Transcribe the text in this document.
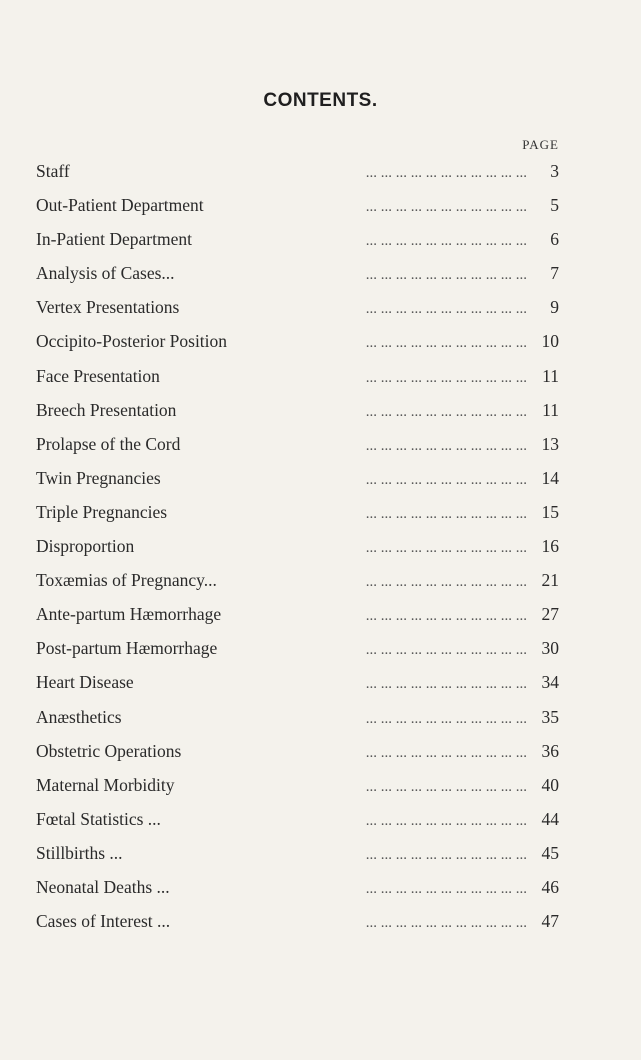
CONTENTS.
PAGE
Staff	... ... ... ... ... ... ... ... ... ... ...	3
Out-Patient Department	... ... ... ... ... ... ... ... ... ... ...	5
In-Patient Department	... ... ... ... ... ... ... ... ... ... ...	6
Analysis of Cases...	... ... ... ... ... ... ... ... ... ... ...	7
Vertex Presentations	... ... ... ... ... ... ... ... ... ... ...	9
Occipito-Posterior Position	... ... ... ... ... ... ... ... ... ... ... 10
Face Presentation	... ... ... ... ... ... ... ... ... ... ... 11
Breech Presentation	... ... ... ... ... ... ... ... ... ... ... 11
Prolapse of the Cord	... ... ... ... ... ... ... ... ... ... ... 13
Twin Pregnancies	... ... ... ... ... ... ... ... ... ... ... 14
Triple Pregnancies	... ... ... ... ... ... ... ... ... ... ... 15
Disproportion	... ... ... ... ... ... ... ... ... ... ... 16
Toxæmias of Pregnancy...	... ... ... ... ... ... ... ... ... ... ... 21
Ante-partum Hæmorrhage	... ... ... ... ... ... ... ... ... ... ... 27
Post-partum Hæmorrhage	... ... ... ... ... ... ... ... ... ... ... 30
Heart Disease	... ... ... ... ... ... ... ... ... ... ... 34
Anæsthetics	... ... ... ... ... ... ... ... ... ... ... 35
Obstetric Operations	... ... ... ... ... ... ... ... ... ... ... 36
Maternal Morbidity	... ... ... ... ... ... ... ... ... ... ... 40
Fœtal Statistics ...	... ... ... ... ... ... ... ... ... ... ... 44
Stillbirths ...	... ... ... ... ... ... ... ... ... ... ... 45
Neonatal Deaths ...	... ... ... ... ... ... ... ... ... ... ... 46
Cases of Interest ...	... ... ... ... ... ... ... ... ... ... ... 47
